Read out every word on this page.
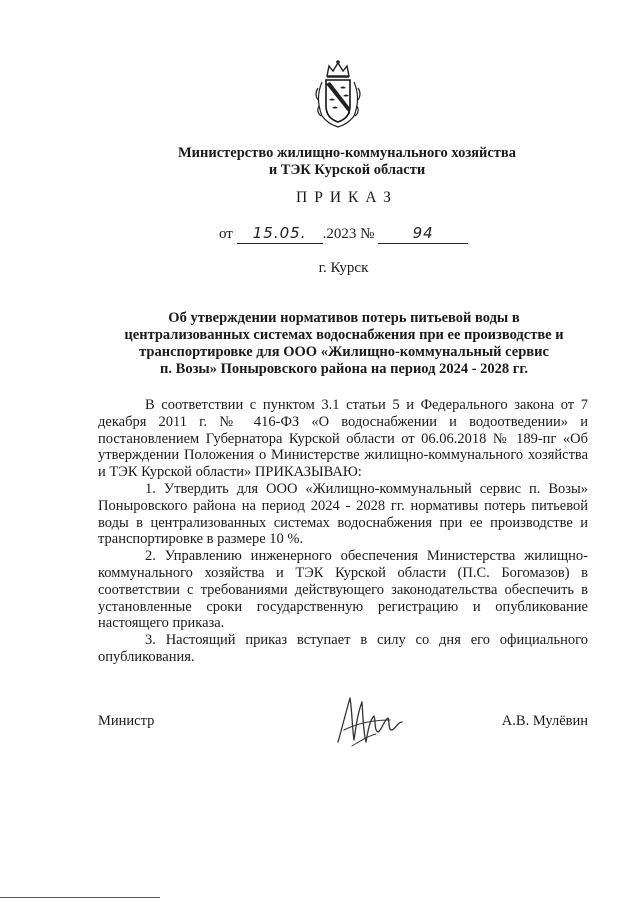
Министерство жилищно-коммунального хозяйства
и ТЭК Курской области
ПРИКАЗ
от 15.05. .2023 №	94
г. Курск
Об утверждении нормативов потерь питьевой воды в
централизованных системах водоснабжения при ее производстве и
транспортировке для ООО «Жилищно-коммунальный сервис
п. Возы» Поныровского района на период 2024 - 2028 гг.

В соответствии с пунктом 3.1 статьи 5 и Федерального закона от 7 декабря 2011 г. № 416-ФЗ «О водоснабжении и водоотведении» и постановлением Губернатора Курской области от 06.06.2018 № 189-пг «Об утверждении Положения о Министерстве жилищно-коммунального хозяйства и ТЭК Курской области» ПРИКАЗЫВАЮ:

1. Утвердить для ООО «Жилищно-коммунальный сервис п. Возы» Поныровского района на период 2024 - 2028 гг. нормативы потерь питьевой воды в централизованных системах водоснабжения при ее производстве и транспортировке в размере 10 %.

2. Управлению инженерного обеспечения Министерства жилищно-коммунального хозяйства и ТЭК Курской области (П.С. Богомазов) в соответствии с требованиями действующего законодательства обеспечить в установленные сроки государственную регистрацию и опубликование настоящего приказа.

3. Настоящий приказ вступает в силу со дня его официального опубликования.

Министр	А.В. Мулёвин
